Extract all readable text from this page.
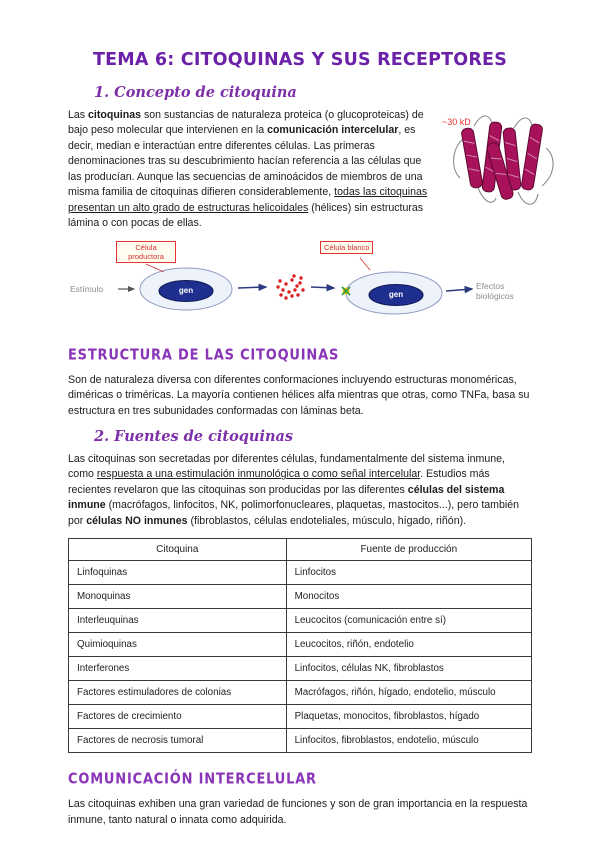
TEMA 6: CITOQUINAS Y SUS RECEPTORES
1. Concepto de citoquina
~30 kD
Las citoquinas son sustancias de naturaleza proteica (o glucoproteicas) de bajo peso molecular que intervienen en la comunicación intercelular, es decir, median e interactúan entre diferentes células. Las primeras denominaciones tras su descubrimiento hacían referencia a las células que las producían. Aunque las secuencias de aminoácidos de miembros de una misma familia de citoquinas difieren considerablemente, todas las citoquinas presentan un alto grado de estructuras helicoidales (hélices) sin estructuras lámina o con pocas de ellas.
Célula productora
Célula blanco
Estímulo	gen	gen
Efectos biológicos
ESTRUCTURA DE LAS CITOQUINAS
Son de naturaleza diversa con diferentes conformaciones incluyendo estructuras monoméricas, diméricas o triméricas. La mayoría contienen hélices alfa mientras que otras, como TNFa, basa su estructura en tres subunidades conformadas con láminas beta.
2. Fuentes de citoquinas
Las citoquinas son secretadas por diferentes células, fundamentalmente del sistema inmune, como respuesta a una estimulación inmunológica o como señal intercelular. Estudios más recientes revelaron que las citoquinas son producidas por las diferentes células del sistema inmune (macrófagos, linfocitos, NK, polimorfonucleares, plaquetas, mastocitos...), pero también por células NO inmunes (fibroblastos, células endoteliales, músculo, hígado, riñón).
Citoquina	Fuente de producción
Linfoquinas	Linfocitos
Monoquinas	Monocitos
Interleuquinas	Leucocitos (comunicación entre sí)
Quimioquinas	Leucocitos, riñón, endotelio
Interferones	Linfocitos, células NK, fibroblastos
Factores estimuladores de colonias	Macrófagos, riñón, hígado, endotelio, músculo
Factores de crecimiento	Plaquetas, monocitos, fibroblastos, hígado
Factores de necrosis tumoral	Linfocitos, fibroblastos, endotelio, músculo
COMUNICACIÓN INTERCELULAR
Las citoquinas exhiben una gran variedad de funciones y son de gran importancia en la respuesta inmune, tanto natural o innata como adquirida.
